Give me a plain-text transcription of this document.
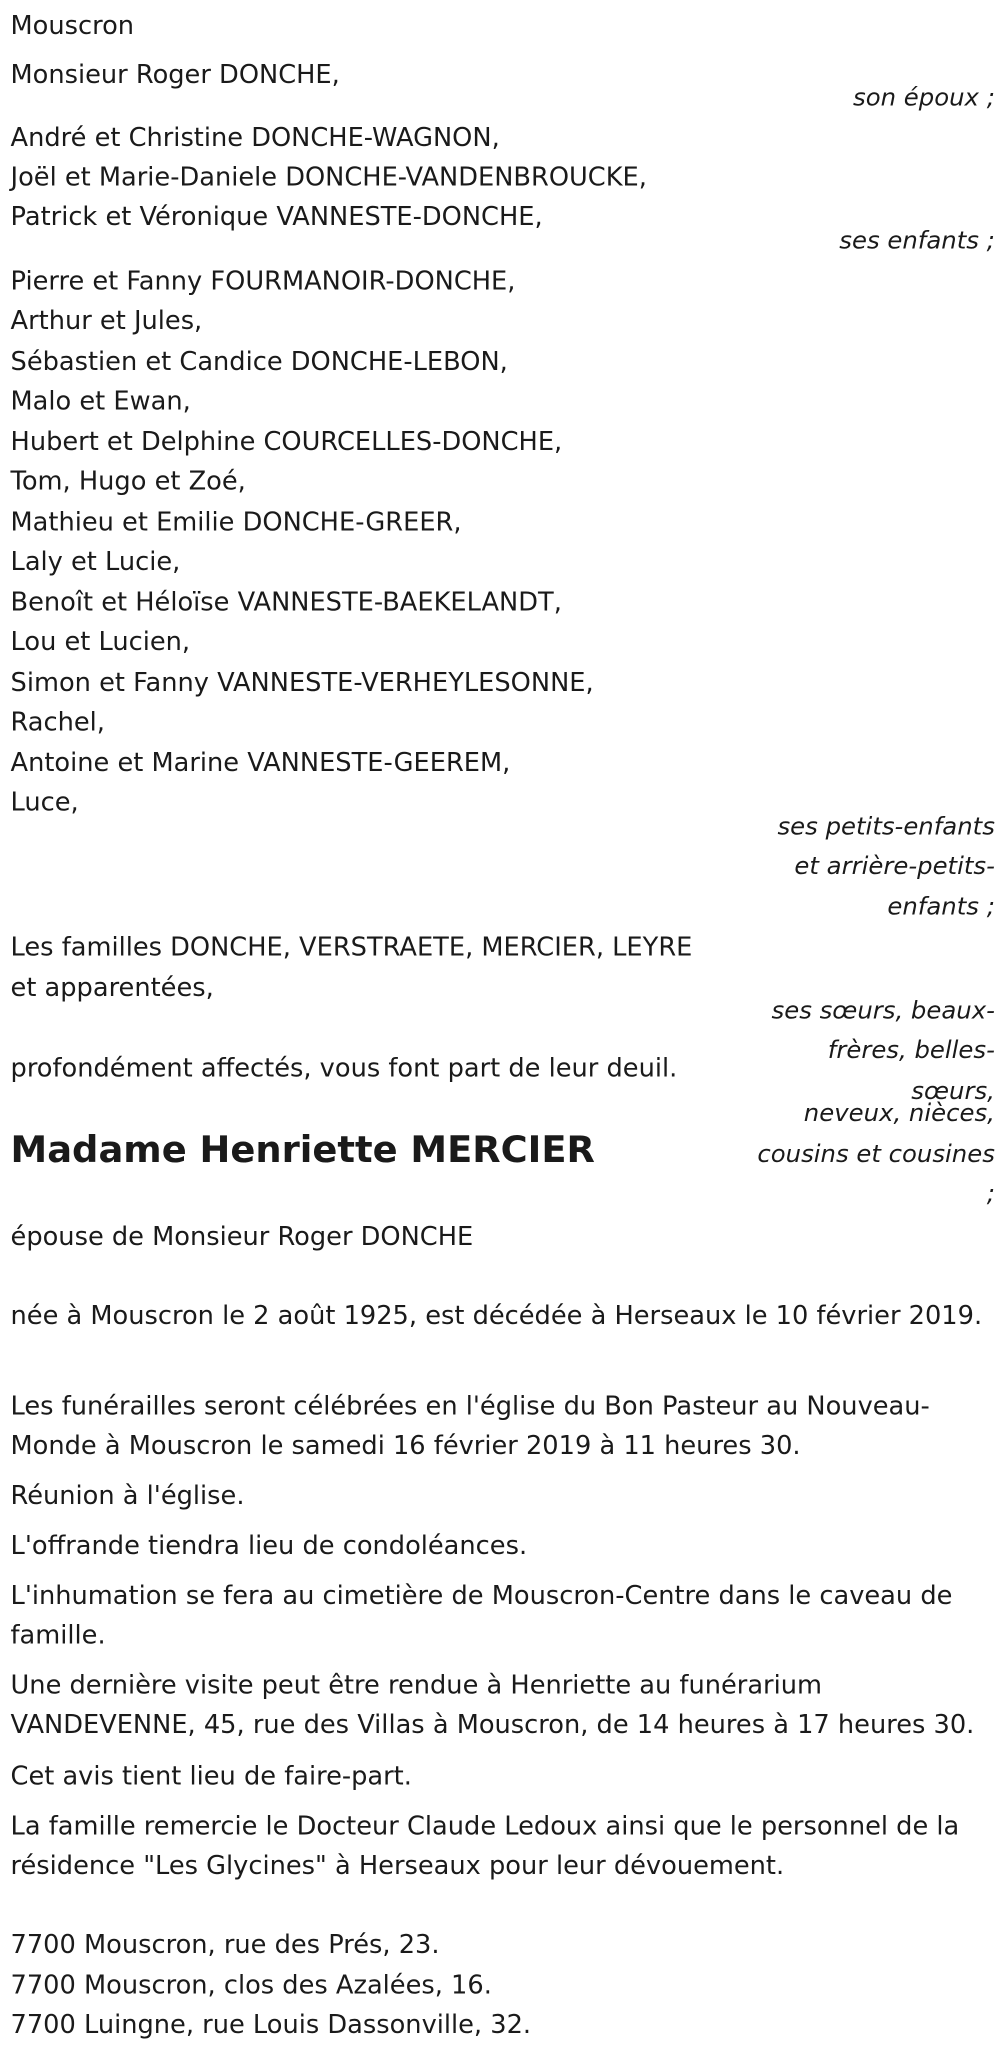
Mouscron
Monsieur Roger DONCHE,
son époux ;
André et Christine DONCHE-WAGNON,
Joël et Marie-Daniele DONCHE-VANDENBROUCKE,
Patrick et Véronique VANNESTE-DONCHE,
ses enfants ;
Pierre et Fanny FOURMANOIR-DONCHE,
Arthur et Jules,
Sébastien et Candice DONCHE-LEBON,
Malo et Ewan,
Hubert et Delphine COURCELLES-DONCHE,
Tom, Hugo et Zoé,
Mathieu et Emilie DONCHE-GREER,
Laly et Lucie,
Benoît et Héloïse VANNESTE-BAEKELANDT,
Lou et Lucien,
Simon et Fanny VANNESTE-VERHEYLESONNE,
Rachel,
Antoine et Marine VANNESTE-GEEREM,
Luce,
ses petits-enfants
et arrière-petits-
enfants ;
Les familles DONCHE, VERSTRAETE, MERCIER, LEYRE
et apparentées,
ses sœurs, beaux-
frères, belles-
sœurs,
neveux, nièces,
cousins et cousines
;
profondément affectés, vous font part de leur deuil.
Madame Henriette MERCIER
épouse de Monsieur Roger DONCHE
née à Mouscron le 2 août 1925, est décédée à Herseaux le 10 février 2019.
Les funérailles seront célébrées en l'église du Bon Pasteur au Nouveau-Monde à Mouscron le samedi 16 février 2019 à 11 heures 30.
Réunion à l'église.
L'offrande tiendra lieu de condoléances.
L'inhumation se fera au cimetière de Mouscron-Centre dans le caveau de famille.
Une dernière visite peut être rendue à Henriette au funérarium VANDEVENNE, 45, rue des Villas à Mouscron, de 14 heures à 17 heures 30.
Cet avis tient lieu de faire-part.
La famille remercie le Docteur Claude Ledoux ainsi que le personnel de la résidence "Les Glycines" à Herseaux pour leur dévouement.
7700 Mouscron, rue des Prés, 23.
7700 Mouscron, clos des Azalées, 16.
7700 Luingne, rue Louis Dassonville, 32.
